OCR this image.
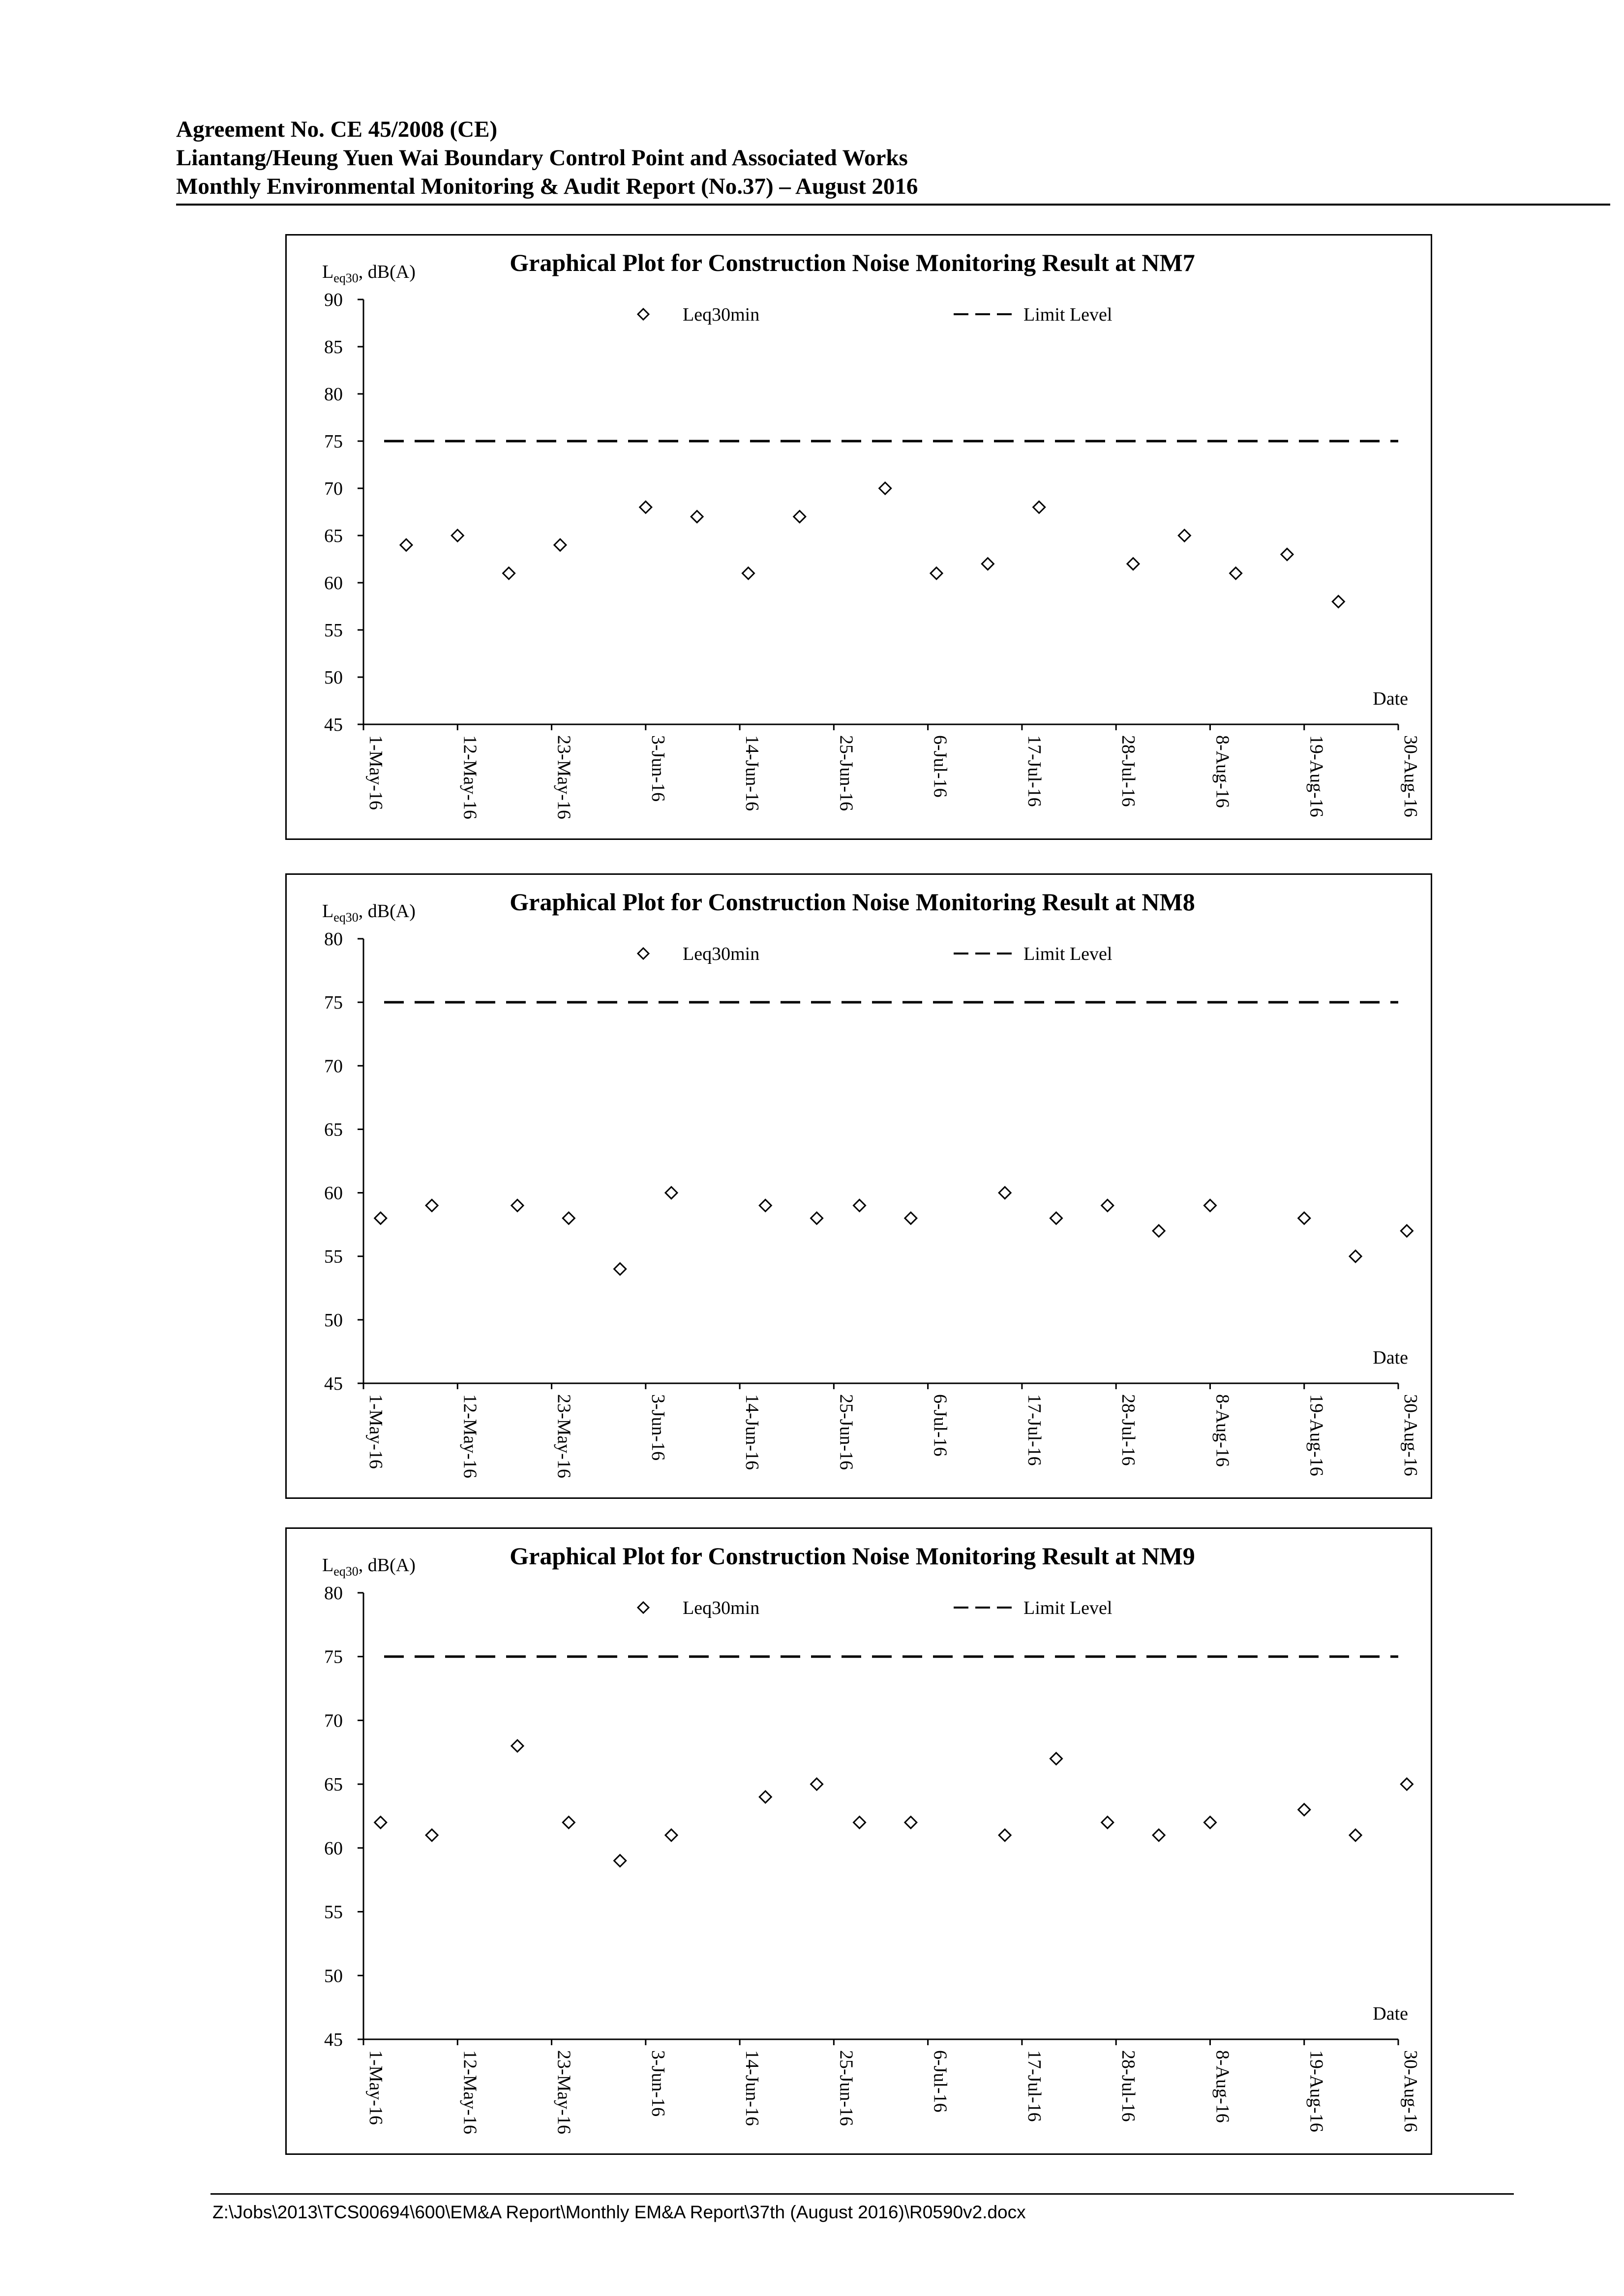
Agreement No. CE 45/2008 (CE)
Liantang/Heung Yuen Wai Boundary Control Point and Associated Works
Monthly Environmental Monitoring & Audit Report (No.37) – August 2016
Graphical Plot for Construction Noise Monitoring Result at NM7
$L_{eq30}$, dB(A)
45
50
55
60
65
70
75
80
85
90
1-May-16	12-May-16	23-May-16	3-Jun-16	14-Jun-16	25-Jun-16	6-Jul-16	17-Jul-16	28-Jul-16	8-Aug-16	19-Aug-16	30-Aug-16
Date
Leq30min	Limit Level
Graphical Plot for Construction Noise Monitoring Result at NM8
$L_{eq30}$, dB(A)
45
50
55
60
65
70
75
80
1-May-16	12-May-16	23-May-16	3-Jun-16	14-Jun-16	25-Jun-16	6-Jul-16	17-Jul-16	28-Jul-16	8-Aug-16	19-Aug-16	30-Aug-16
Date
Leq30min	Limit Level
Graphical Plot for Construction Noise Monitoring Result at NM9
$L_{eq30}$, dB(A)
45
50
55
60
65
70
75
80
1-May-16	12-May-16	23-May-16	3-Jun-16	14-Jun-16	25-Jun-16	6-Jul-16	17-Jul-16	28-Jul-16	8-Aug-16	19-Aug-16	30-Aug-16
Date
Leq30min	Limit Level
Z:\Jobs\2013\TCS00694\600\EM&A Report\Monthly EM&A Report\37th (August 2016)\R0590v2.docx
